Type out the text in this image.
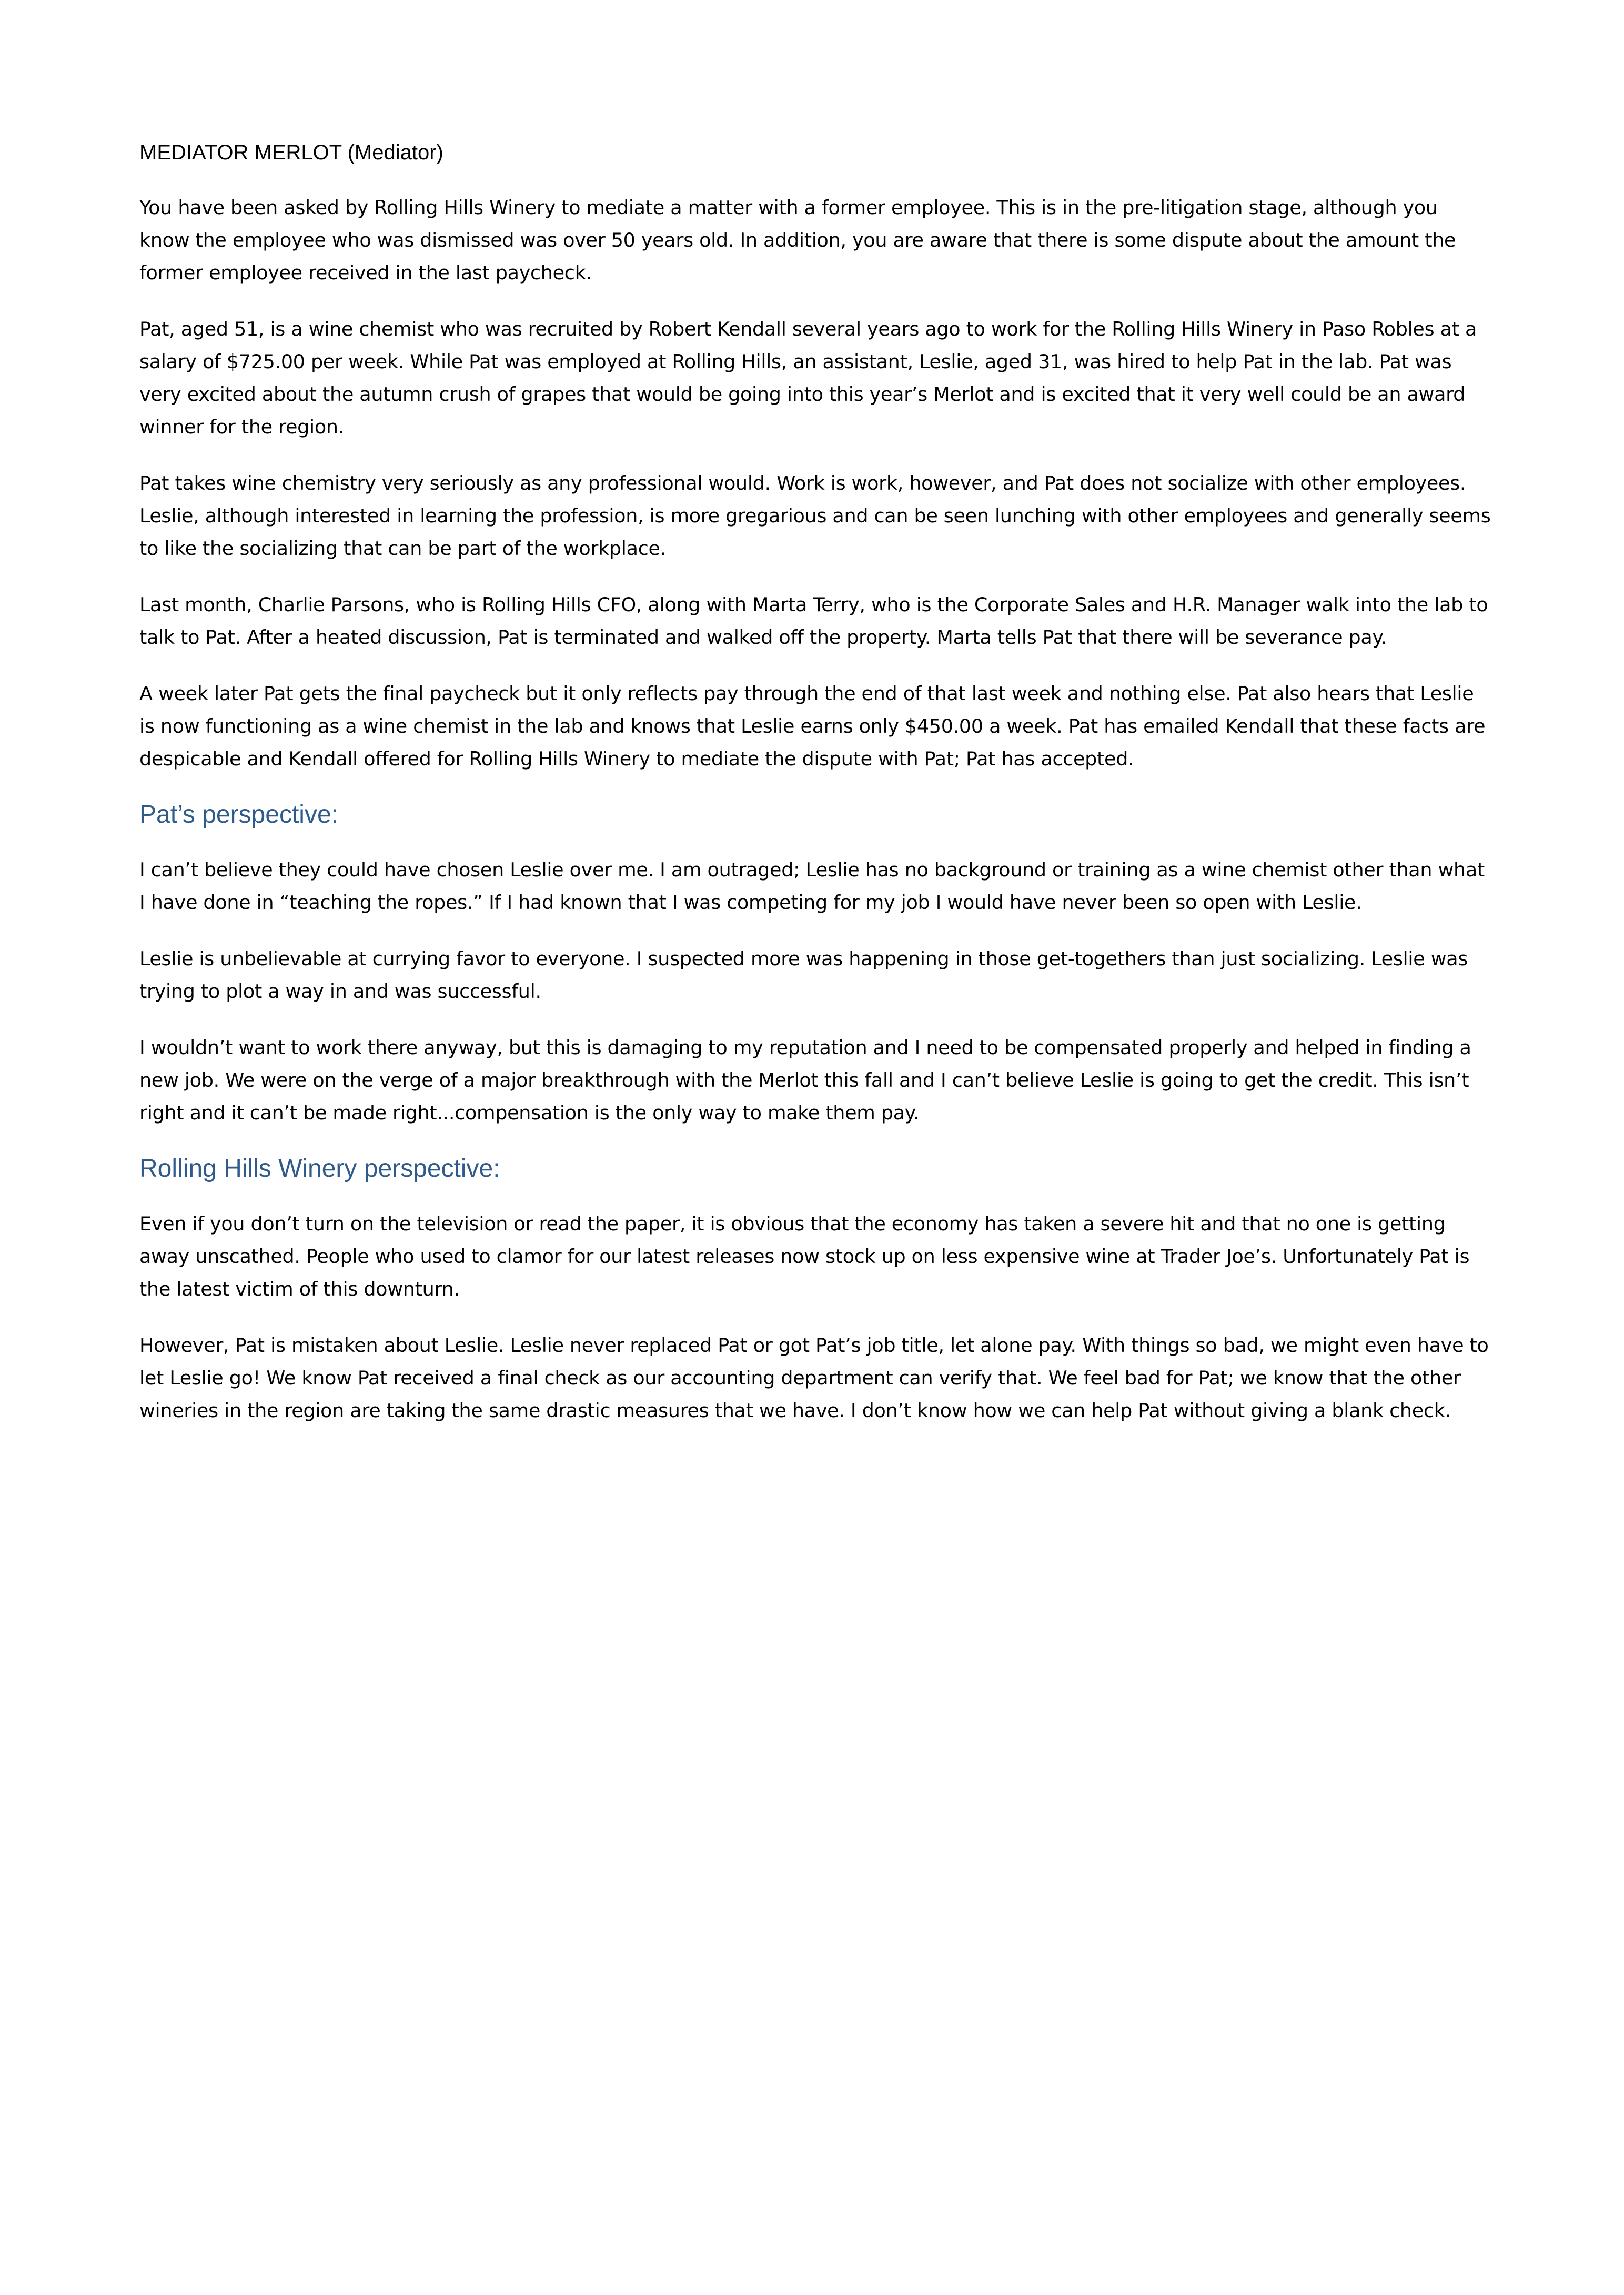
MEDIATOR MERLOT (Mediator)

You have been asked by Rolling Hills Winery to mediate a matter with a former employee. This is in the pre-litigation stage, although you know the employee who was dismissed was over 50 years old. In addition, you are aware that there is some dispute about the amount the former employee received in the last paycheck.

Pat, aged 51, is a wine chemist who was recruited by Robert Kendall several years ago to work for the Rolling Hills Winery in Paso Robles at a salary of $725.00 per week. While Pat was employed at Rolling Hills, an assistant, Leslie, aged 31, was hired to help Pat in the lab. Pat was very excited about the autumn crush of grapes that would be going into this year’s Merlot and is excited that it very well could be an award winner for the region.

Pat takes wine chemistry very seriously as any professional would. Work is work, however, and Pat does not socialize with other employees. Leslie, although interested in learning the profession, is more gregarious and can be seen lunching with other employees and generally seems to like the socializing that can be part of the workplace.

Last month, Charlie Parsons, who is Rolling Hills CFO, along with Marta Terry, who is the Corporate Sales and H.R. Manager walk into the lab to talk to Pat. After a heated discussion, Pat is terminated and walked off the property. Marta tells Pat that there will be severance pay.

A week later Pat gets the final paycheck but it only reflects pay through the end of that last week and nothing else. Pat also hears that Leslie is now functioning as a wine chemist in the lab and knows that Leslie earns only $450.00 a week. Pat has emailed Kendall that these facts are despicable and Kendall offered for Rolling Hills Winery to mediate the dispute with Pat; Pat has accepted.

Pat’s perspective:

I can’t believe they could have chosen Leslie over me. I am outraged; Leslie has no background or training as a wine chemist other than what I have done in “teaching the ropes.” If I had known that I was competing for my job I would have never been so open with Leslie.

Leslie is unbelievable at currying favor to everyone. I suspected more was happening in those get-togethers than just socializing. Leslie was trying to plot a way in and was successful.

I wouldn’t want to work there anyway, but this is damaging to my reputation and I need to be compensated properly and helped in finding a new job. We were on the verge of a major breakthrough with the Merlot this fall and I can’t believe Leslie is going to get the credit. This isn’t right and it can’t be made right...compensation is the only way to make them pay.

Rolling Hills Winery perspective:

Even if you don’t turn on the television or read the paper, it is obvious that the economy has taken a severe hit and that no one is getting away unscathed. People who used to clamor for our latest releases now stock up on less expensive wine at Trader Joe’s. Unfortunately Pat is the latest victim of this downturn.

However, Pat is mistaken about Leslie. Leslie never replaced Pat or got Pat’s job title, let alone pay. With things so bad, we might even have to let Leslie go! We know Pat received a final check as our accounting department can verify that. We feel bad for Pat; we know that the other wineries in the region are taking the same drastic measures that we have. I don’t know how we can help Pat without giving a blank check.
